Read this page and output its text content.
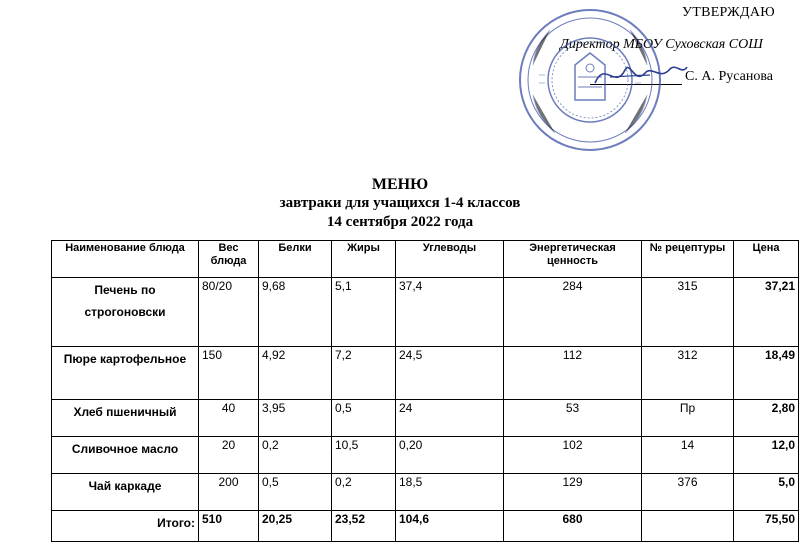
УТВЕРЖДАЮ
Директор МБОУ Суховская СОШ
С. А. Русанова
МЕНЮ
завтраки для учащихся 1-4 классов
14 сентября 2022 года
Наименование блюда	Вес блюда	Белки	Жиры	Углеводы	Энергетическая ценность	№ рецептуры	Цена
Печень по строгоновски	80/20	9,68	5,1	37,4	284	315	37,21
Пюре картофельное	150	4,92	7,2	24,5	112	312	18,49
Хлеб пшеничный	40	3,95	0,5	24	53	Пр	2,80
Сливочное масло	20	0,2	10,5	0,20	102	14	12,0
Чай каркаде	200	0,5	0,2	18,5	129	376	5,0
Итого:	510	20,25	23,52	104,6	680		75,50
